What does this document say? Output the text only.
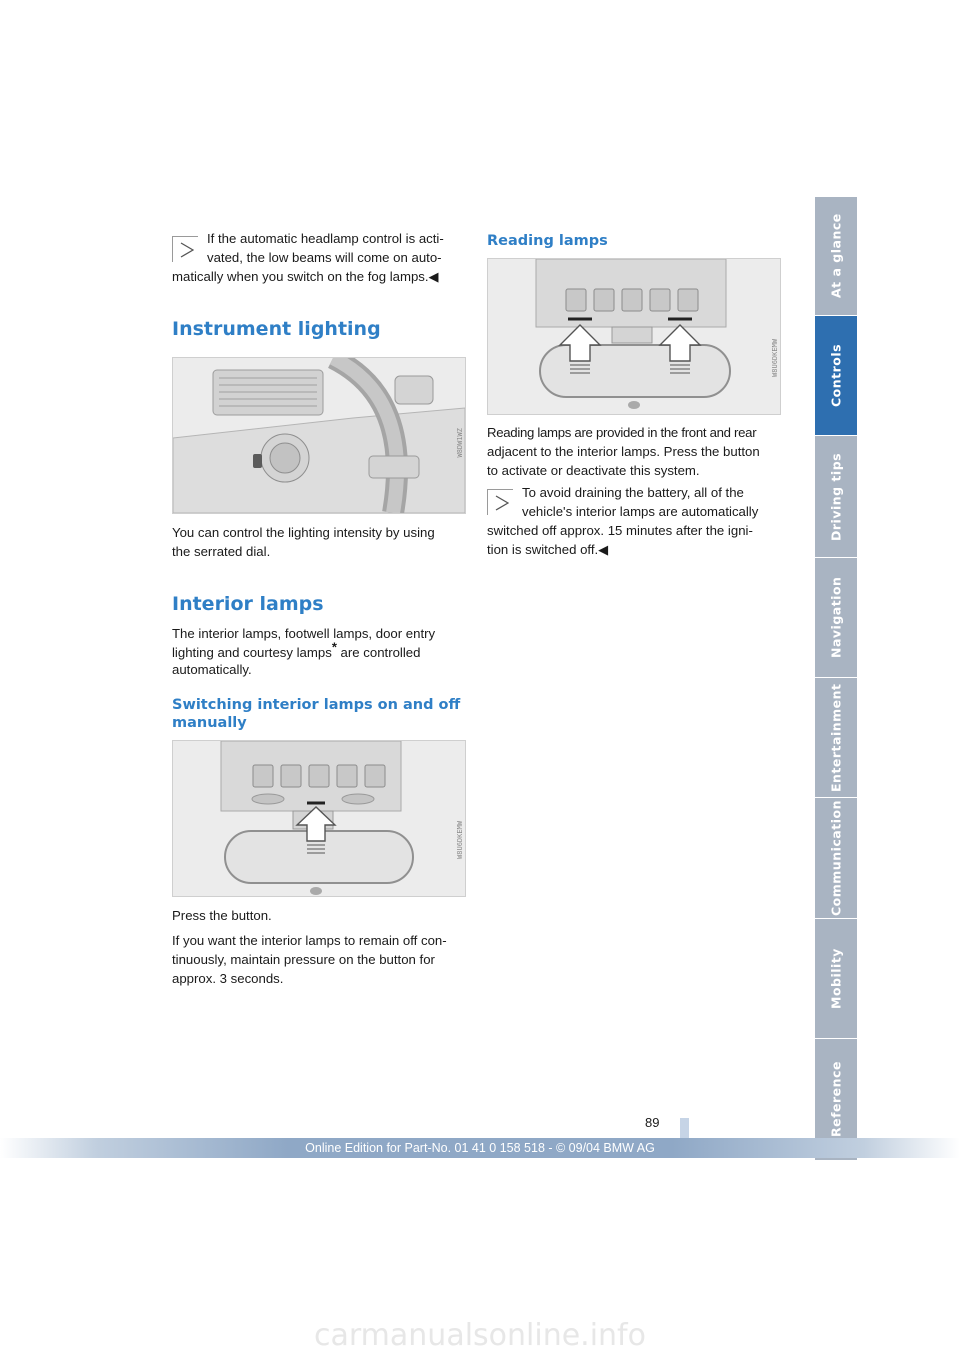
If the automatic headlamp control is acti-
vated, the low beams will come on auto-
matically when you switch on the fog lamps.◀
Instrument lighting
W8DW1WZ
You can control the lighting intensity by using
the serrated dial.
Interior lamps
The interior lamps, footwell lamps, door entry
lighting and courtesy lamps* are controlled
automatically.
Switching interior lamps on and off
manually
W8U6DKEMW
Press the button.
If you want the interior lamps to remain off con-
tinuously, maintain pressure on the button for
approx. 3 seconds.
Reading lamps
W8U6DKEMW
Reading lamps are provided in the front and rear
adjacent to the interior lamps. Press the button
to activate or deactivate this system.
To avoid draining the battery, all of the
vehicle's interior lamps are automatically
switched off approx. 15 minutes after the igni-
tion is switched off.◀
At a glance
Controls
Driving tips
Navigation
Entertainment
Communication
Mobility
Reference
89
Online Edition for Part-No. 01 41 0 158 518 - © 09/04 BMW AG
carmanualsonline.info
